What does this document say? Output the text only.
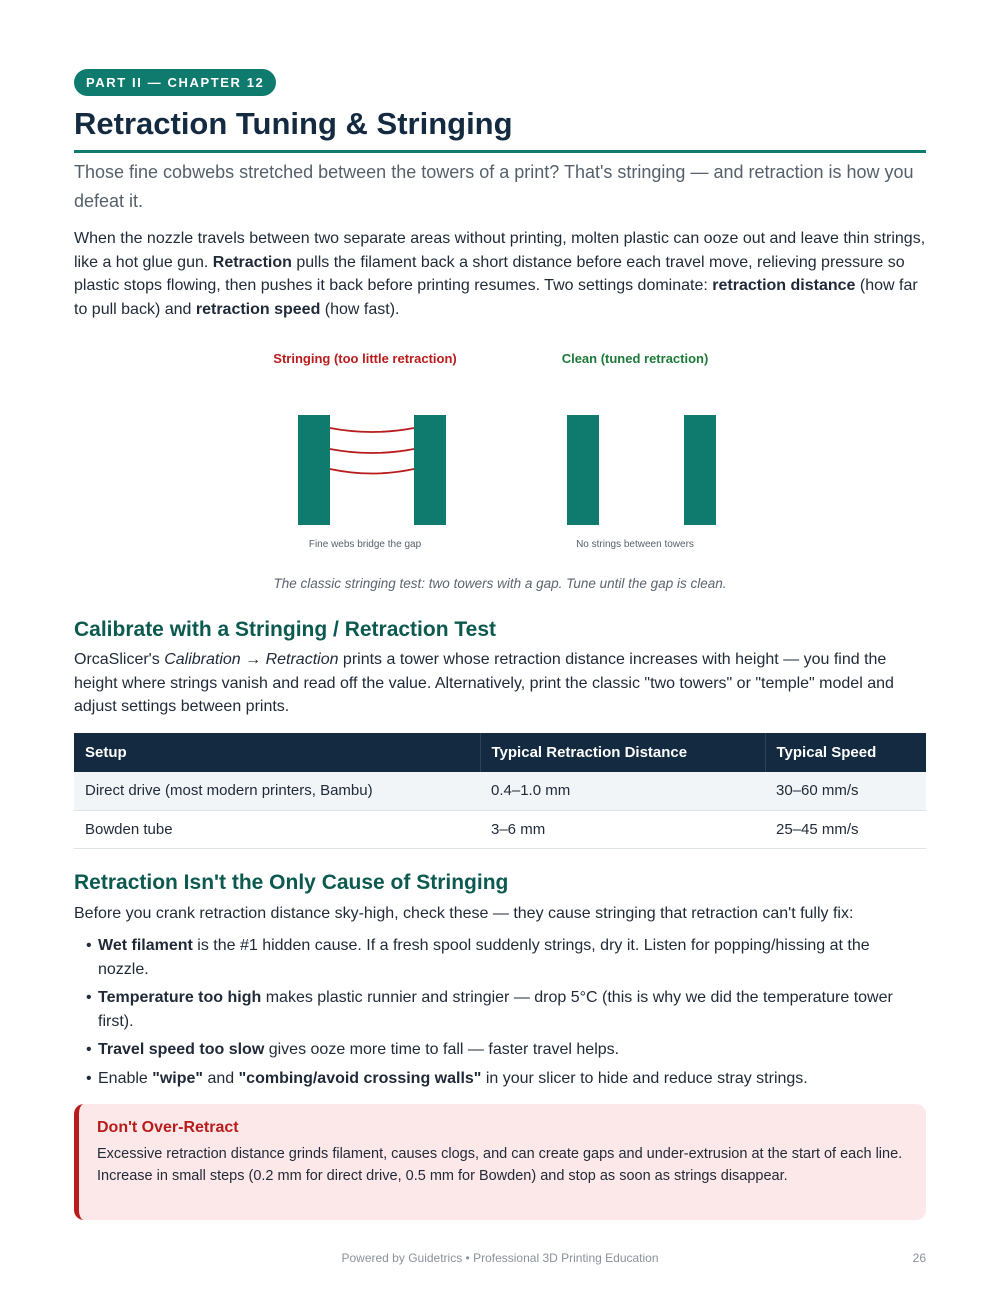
PART II — CHAPTER 12
Retraction Tuning & Stringing

Those fine cobwebs stretched between the towers of a print? That's stringing — and retraction is how you defeat it.

When the nozzle travels between two separate areas without printing, molten plastic can ooze out and leave thin strings, like a hot glue gun. Retraction pulls the filament back a short distance before each travel move, relieving pressure so plastic stops flowing, then pushes it back before printing resumes. Two settings dominate: retraction distance (how far to pull back) and retraction speed (how fast).

Stringing (too little retraction)
Fine webs bridge the gap
Clean (tuned retraction)
No strings between towers

The classic stringing test: two towers with a gap. Tune until the gap is clean.

Calibrate with a Stringing / Retraction Test

OrcaSlicer's Calibration → Retraction prints a tower whose retraction distance increases with height — you find the height where strings vanish and read off the value. Alternatively, print the classic "two towers" or "temple" model and adjust settings between prints.

Setup	Typical Retraction Distance	Typical Speed
Direct drive (most modern printers, Bambu)	0.4–1.0 mm	30–60 mm/s
Bowden tube	3–6 mm	25–45 mm/s
Retraction Isn't the Only Cause of Stringing

Before you crank retraction distance sky-high, check these — they cause stringing that retraction can't fully fix:

• Wet filament is the #1 hidden cause. If a fresh spool suddenly strings, dry it. Listen for popping/hissing at the nozzle.
• Temperature too high makes plastic runnier and stringier — drop 5°C (this is why we did the temperature tower first).
• Travel speed too slow gives ooze more time to fall — faster travel helps.
• Enable "wipe" and "combing/avoid crossing walls" in your slicer to hide and reduce stray strings.
Don't Over-Retract
Excessive retraction distance grinds filament, causes clogs, and can create gaps and under-extrusion at the start of each line. Increase in small steps (0.2 mm for direct drive, 0.5 mm for Bowden) and stop as soon as strings disappear.
Powered by Guidetrics • Professional 3D Printing Education	26
